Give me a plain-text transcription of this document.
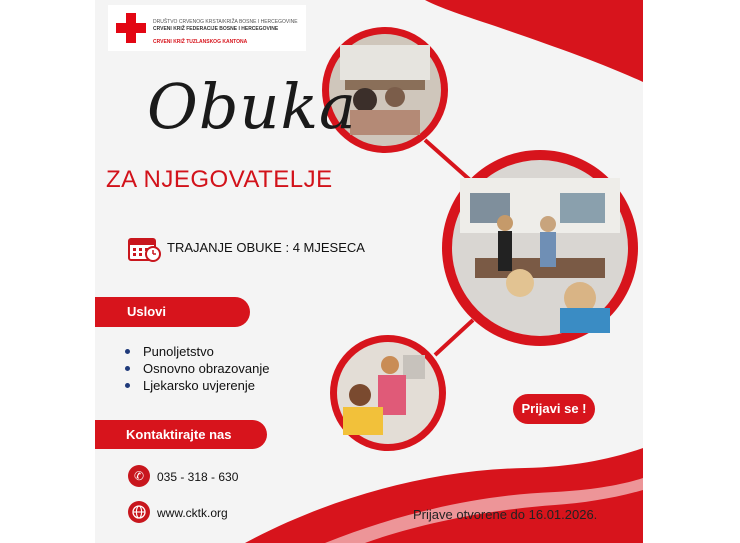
DRUŠTVO CRVENOG KRSTA/KRIŽA BOSNE I HERCEGOVINE
CRVENI KRIŽ FEDERACIJE BOSNE I HERCEGOVINE
CRVENI KRIŽ TUZLANSKOG KANTONA
Obuka
ZA NJEGOVATELJE
TRAJANJE OBUKE : 4 MJESECA
Uslovi
Punoljetstvo
Osnovno obrazovanje
Ljekarsko uvjerenje
Kontaktirajte nas
✆	035 - 318 - 630
www.cktk.org
Prijavi se !
Prijave otvorene do 16.01.2026.
